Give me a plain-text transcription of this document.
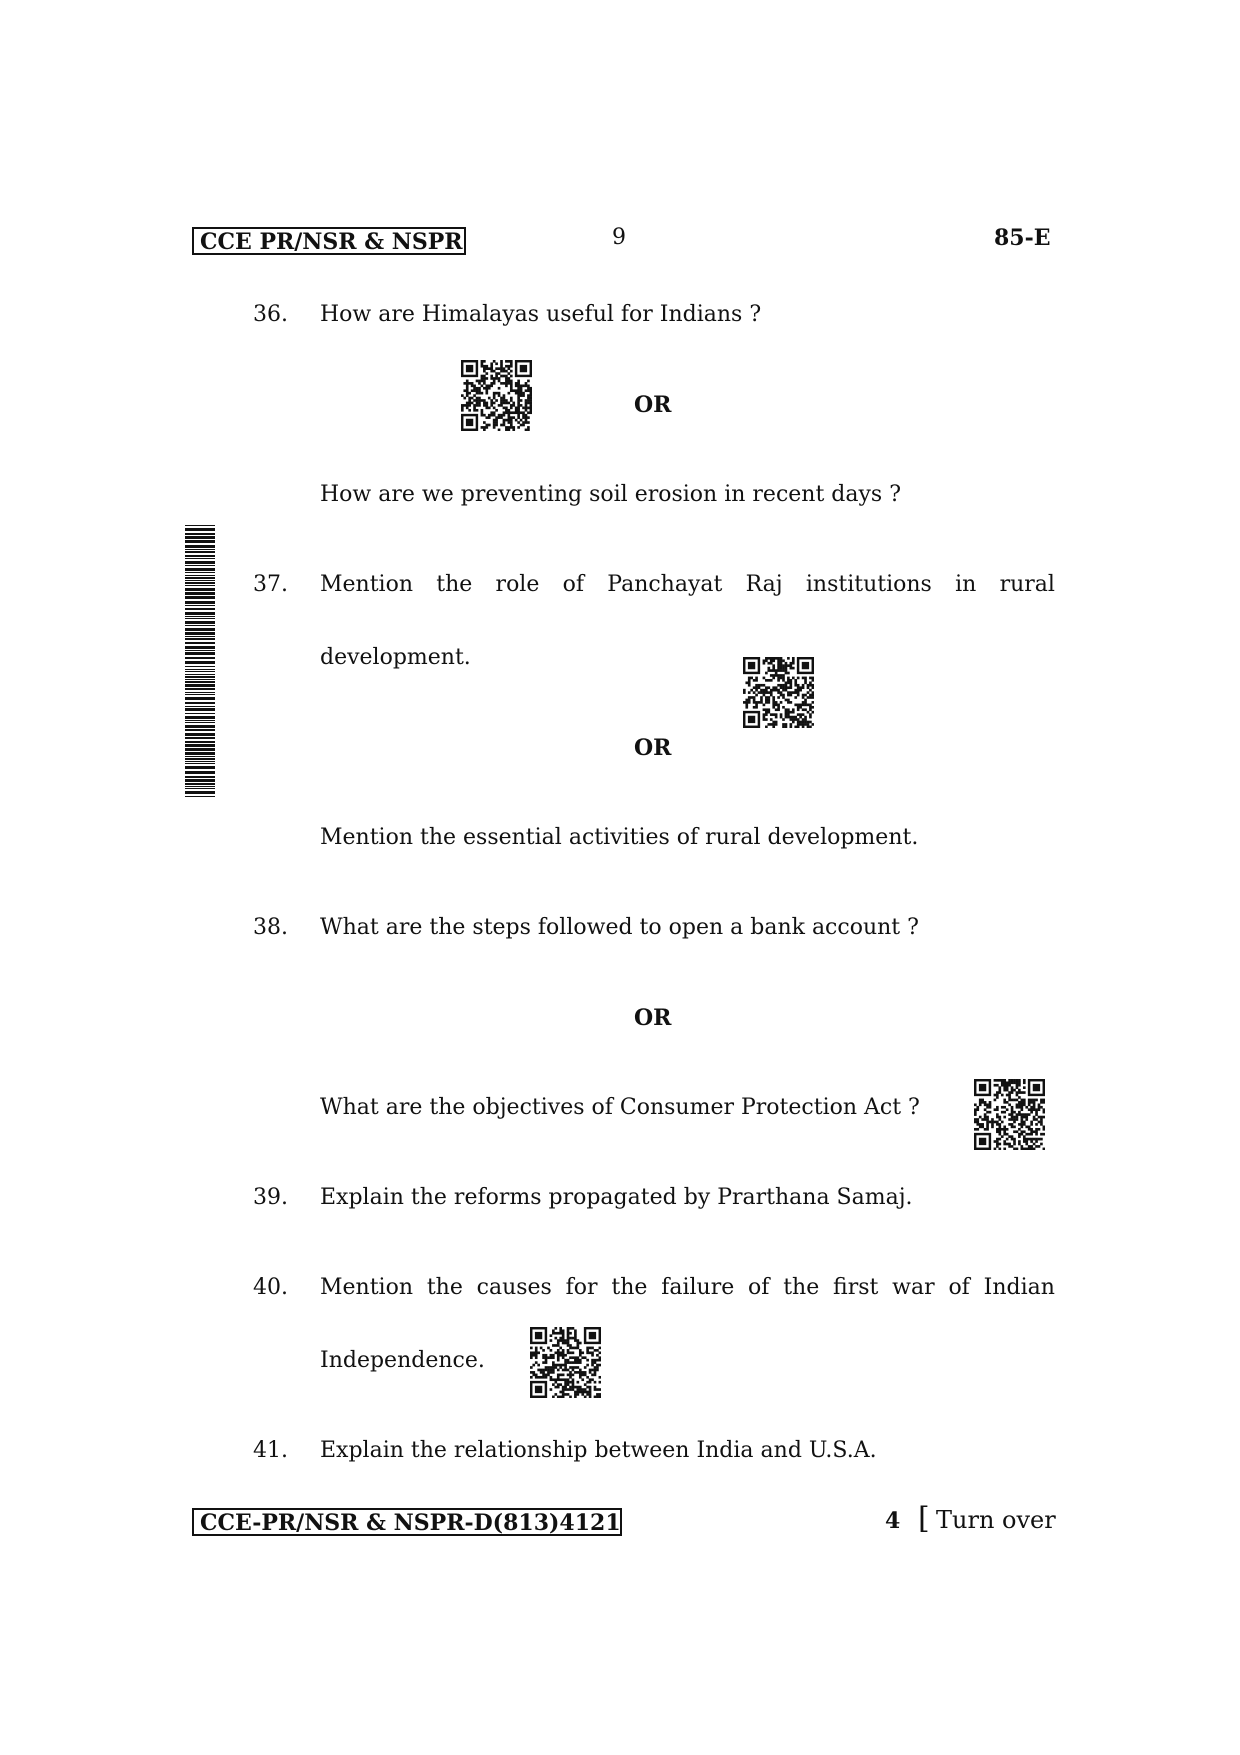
CCE PR/NSR & NSPR	9	85-E
36. How are Himalayas useful for Indians ?
OR
How are we preventing soil erosion in recent days ?
37. Mention the role of Panchayat Raj institutions in rural
development.
OR
Mention the essential activities of rural development.
38. What are the steps followed to open a bank account ?
OR
What are the objectives of Consumer Protection Act ?
39. Explain the reforms propagated by Prarthana Samaj.
40. Mention the causes for the failure of the first war of Indian
Independence.
41. Explain the relationship between India and U.S.A.
CCE-PR/NSR & NSPR-D(813)4121	4 [ Turn over
